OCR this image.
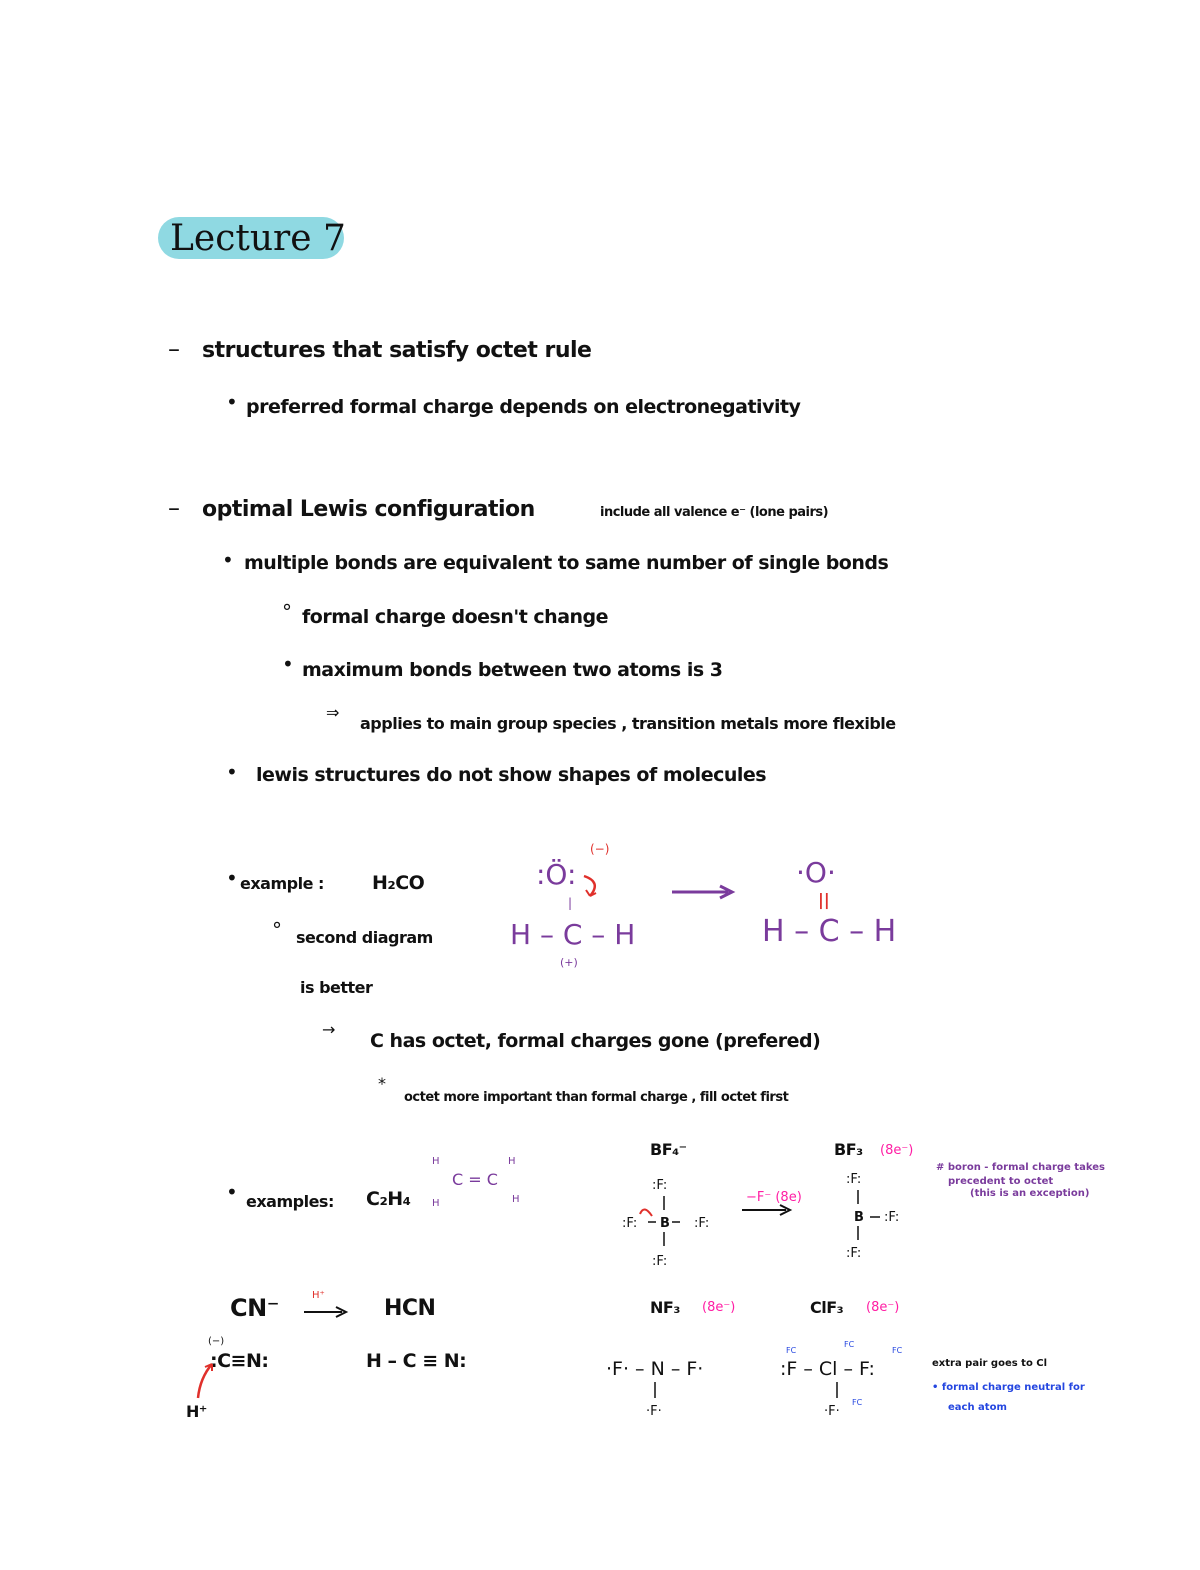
Lecture 7
– structures that satisfy octet rule
• preferred formal charge depends on electronegativity
– optimal Lewis configuration	include all valence e⁻ (lone pairs)
• multiple bonds are equivalent to same number of single bonds
° formal charge doesn't change
• maximum bonds between two atoms is 3
⇒
applies to main group species , transition metals more flexible
• lewis structures do not show shapes of molecules
• example :	H₂CO
° second diagram
is better
:Ö:
(−)
|
H – C – H
(+)
·O·
||
H – C – H
→
C has octet, formal charges gone (prefered)
*
octet more important than formal charge , fill octet first
• examples: C₂H₄
C = C
H	H
H	H
BF₄⁻
:F:
:F: B :F:
:F:
−F⁻ (8e)
BF₃ (8e⁻)
:F:
B :F:
:F:
# boron - formal charge takes
precedent to octet
(this is an exception)
CN⁻	H⁺
HCN
(−)
:C≡N:
H⁺
H – C ≡ N:
NF₃ (8e⁻)
·F· – N – F·
·F·
ClF₃ (8e⁻)
:F – Cl – F:
·F·
FC
FC
FC
FC
extra pair goes to Cl
• formal charge neutral for
each atom
